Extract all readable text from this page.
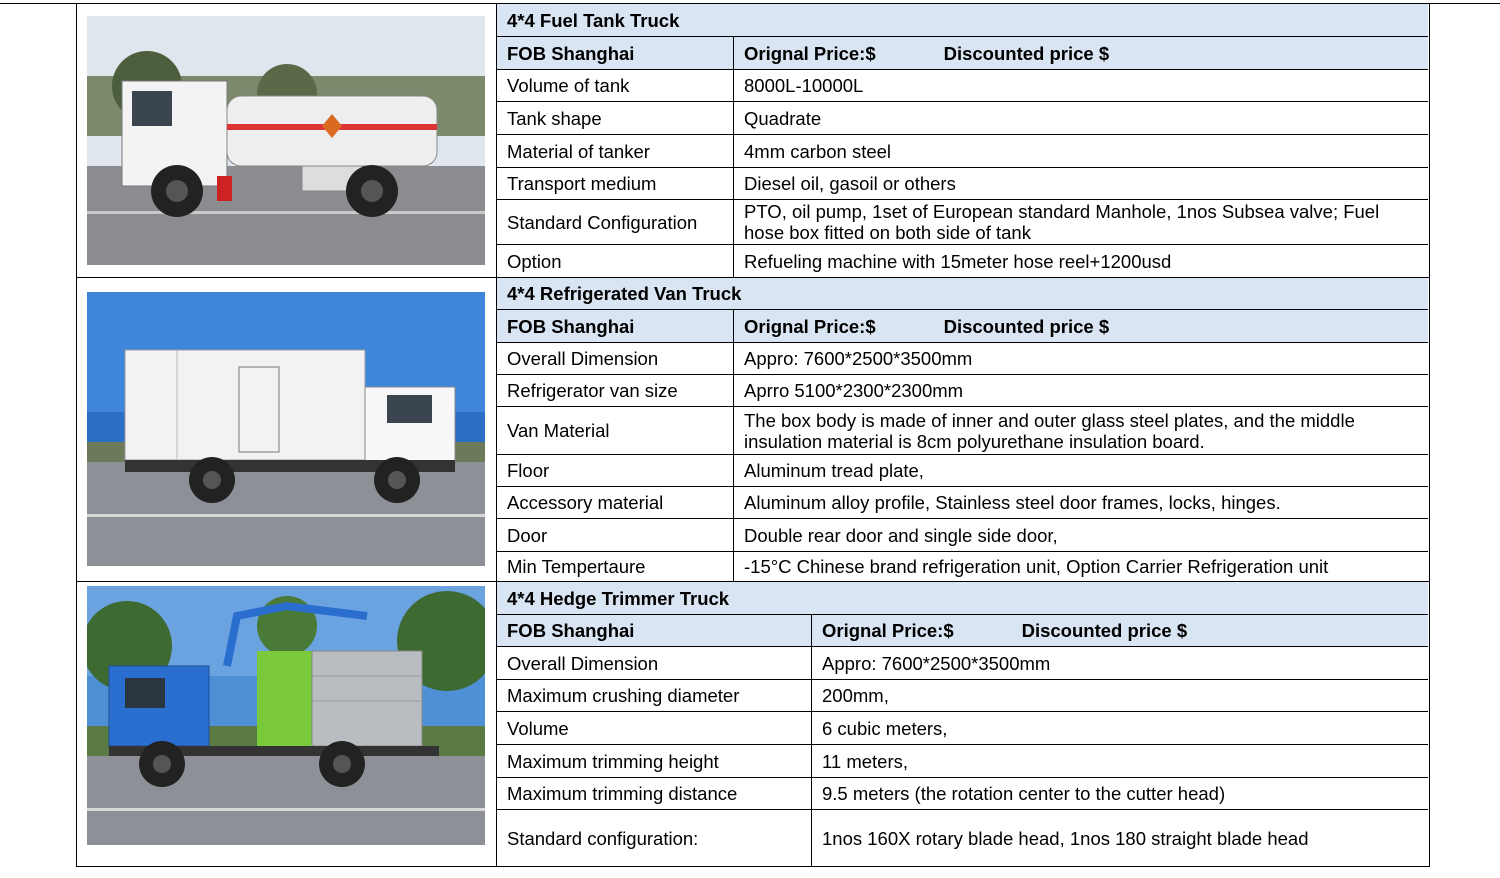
4*4 Fuel Tank Truck
FOB Shanghai	Orignal Price:$	Discounted price $
Volume of tank	8000L-10000L
Tank shape	Quadrate
Material of tanker	4mm carbon steel
Transport medium	Diesel oil, gasoil or others
Standard Configuration	PTO, oil pump, 1set of European standard Manhole, 1nos Subsea valve; Fuel hose box fitted on both side of tank
Option	Refueling machine with 15meter hose reel+1200usd
4*4 Refrigerated Van Truck
FOB Shanghai	Orignal Price:$	Discounted price $
Overall Dimension	Appro: 7600*2500*3500mm
Refrigerator van size	Aprro 5100*2300*2300mm
Van Material	The box body is made of inner and outer glass steel plates, and the middle insulation material is 8cm polyurethane insulation board.
Floor	Aluminum tread plate,
Accessory material	Aluminum alloy profile, Stainless steel door frames, locks, hinges.
Door	Double rear door and single side door,
Min Tempertaure	-15°C Chinese brand refrigeration unit, Option Carrier Refrigeration unit
4*4 Hedge Trimmer Truck
FOB Shanghai	Orignal Price:$	Discounted price $
Overall Dimension	Appro: 7600*2500*3500mm
Maximum crushing diameter	200mm,
Volume	6 cubic meters,
Maximum trimming height	11 meters,
Maximum trimming distance	9.5 meters (the rotation center to the cutter head)
Standard configuration:	1nos 160X rotary blade head, 1nos 180 straight blade head
